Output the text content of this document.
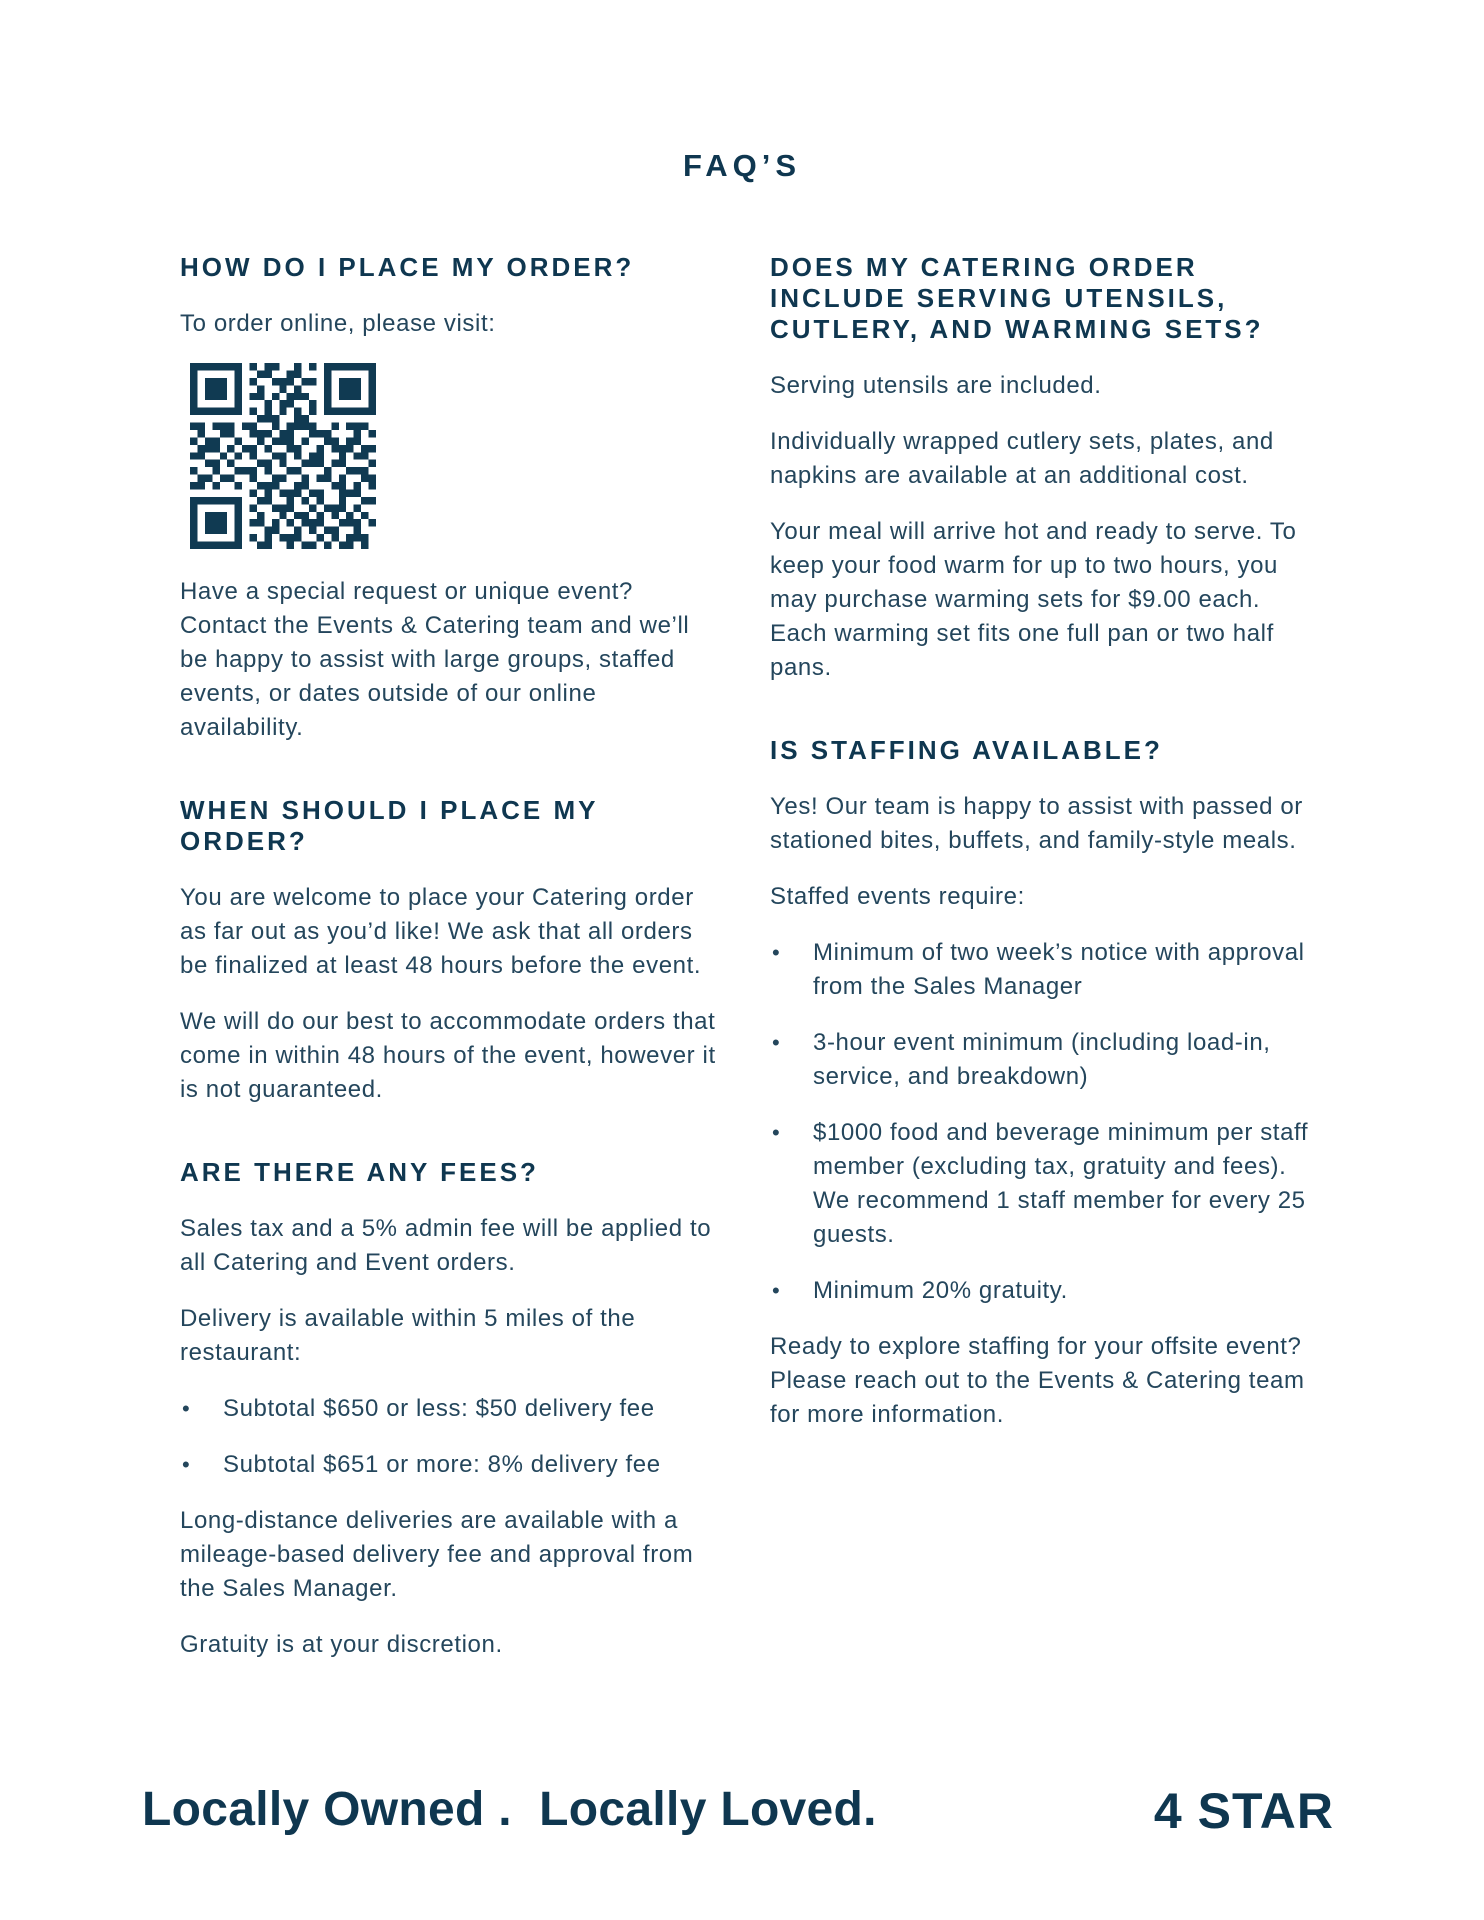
FAQ’S
HOW DO I PLACE MY ORDER?

To order online, please visit:

Have a special request or unique event? Contact the Events & Catering team and we’ll be happy to assist with large groups, staffed events, or dates outside of our online availability.

WHEN SHOULD I PLACE MY ORDER?

You are welcome to place your Catering order as far out as you’d like! We ask that all orders be finalized at least 48 hours before the event.

We will do our best to accommodate orders that come in within 48 hours of the event, however it is not guaranteed.

ARE THERE ANY FEES?

Sales tax and a 5% admin fee will be applied to all Catering and Event orders.

Delivery is available within 5 miles of the restaurant:

• Subtotal $650 or less: $50 delivery fee
• Subtotal $651 or more: 8% delivery fee

Long-distance deliveries are available with a mileage-based delivery fee and approval from the Sales Manager.

Gratuity is at your discretion.

DOES MY CATERING ORDER INCLUDE SERVING UTENSILS, CUTLERY, AND WARMING SETS?

Serving utensils are included.

Individually wrapped cutlery sets, plates, and napkins are available at an additional cost.

Your meal will arrive hot and ready to serve. To keep your food warm for up to two hours, you may purchase warming sets for $9.00 each. Each warming set fits one full pan or two half pans.

IS STAFFING AVAILABLE?

Yes! Our team is happy to assist with passed or stationed bites, buffets, and family-style meals.

Staffed events require:

• Minimum of two week’s notice with approval from the Sales Manager
• 3-hour event minimum (including load-in, service, and breakdown)
• $1000 food and beverage minimum per staff member (excluding tax, gratuity and fees). We recommend 1 staff member for every 25 guests.
• Minimum 20% gratuity.

Ready to explore staffing for your offsite event? Please reach out to the Events & Catering team for more information.

Locally Owned .  Locally Loved.	4 STAR
